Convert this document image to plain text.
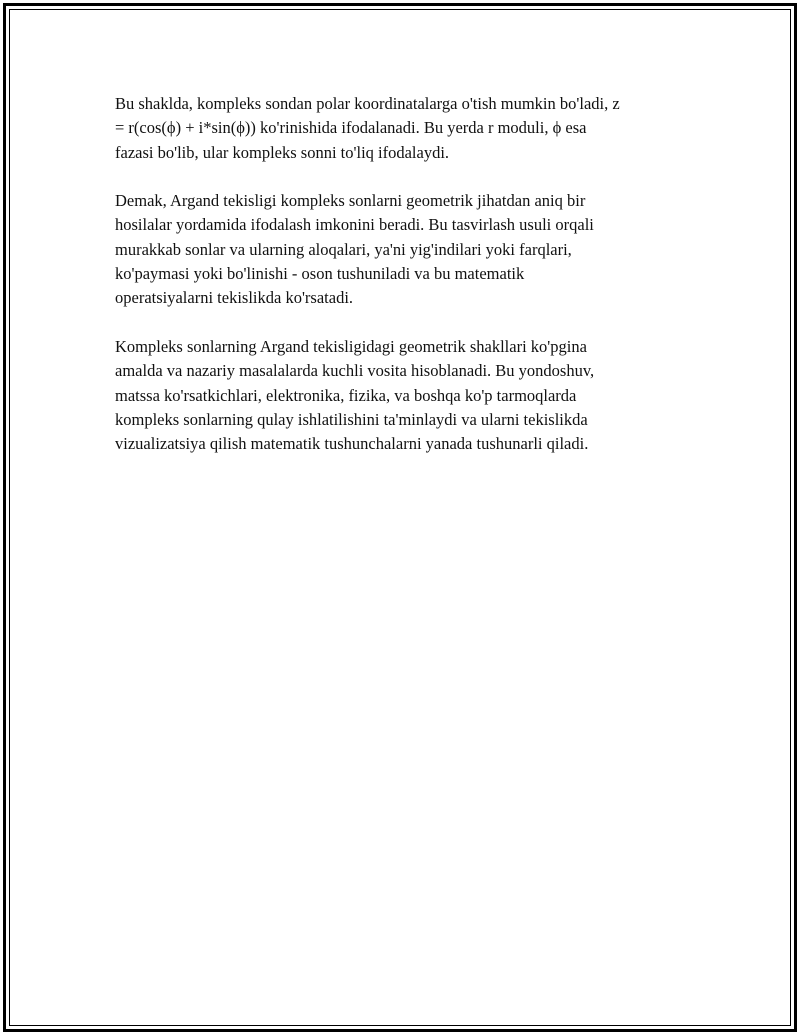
Bu shaklda, kompleks sondan polar koordinatalarga o'tish mumkin bo'ladi, z
= r(cos(ϕ) + i*sin(ϕ)) ko'rinishida ifodalanadi. Bu yerda r moduli, ϕ esa
fazasi bo'lib, ular kompleks sonni to'liq ifodalaydi.

Demak, Argand tekisligi kompleks sonlarni geometrik jihatdan aniq bir
hosilalar yordamida ifodalash imkonini beradi. Bu tasvirlash usuli orqali
murakkab sonlar va ularning aloqalari, ya'ni yig'indilari yoki farqlari,
ko'paymasi yoki bo'linishi - oson tushuniladi va bu matematik
operatsiyalarni tekislikda ko'rsatadi.

Kompleks sonlarning Argand tekisligidagi geometrik shakllari ko'pgina
amalda va nazariy masalalarda kuchli vosita hisoblanadi. Bu yondoshuv,
matssa ko'rsatkichlari, elektronika, fizika, va boshqa ko'p tarmoqlarda
kompleks sonlarning qulay ishlatilishini ta'minlaydi va ularni tekislikda
vizualizatsiya qilish matematik tushunchalarni yanada tushunarli qiladi.
